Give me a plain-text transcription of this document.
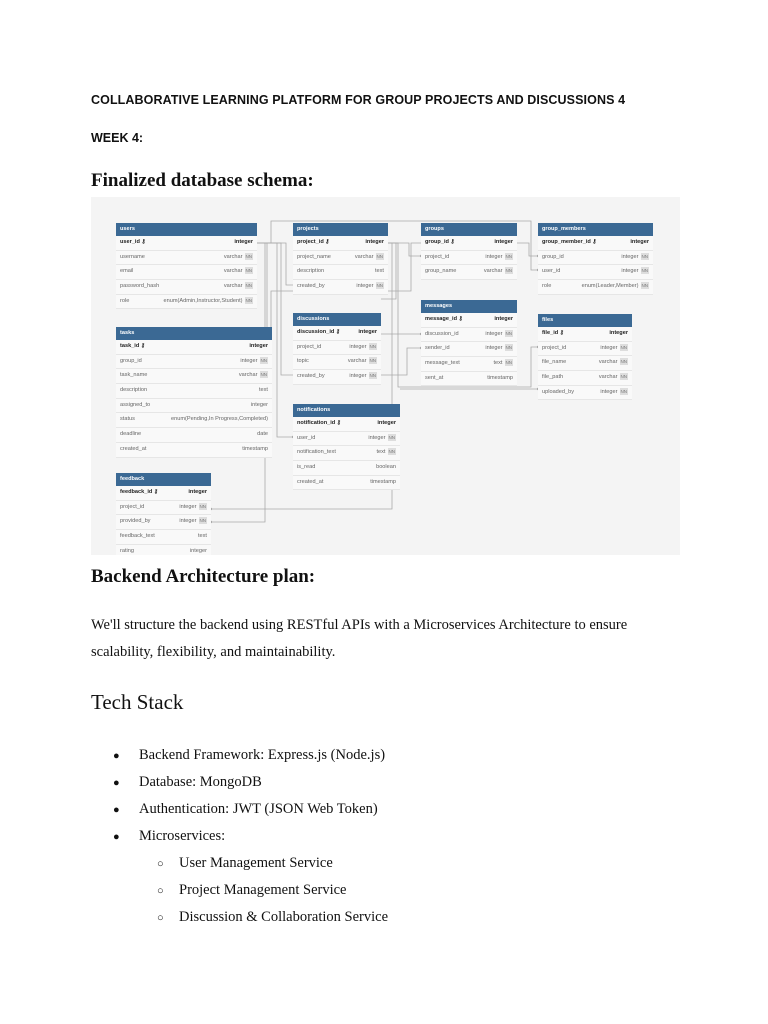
COLLABORATIVE LEARNING PLATFORM FOR GROUP PROJECTS AND DISCUSSIONS 4
WEEK 4:
Finalized database schema:
users
user_id ⚷	integer
username	varchar NN
email	varchar NN
password_hash	varchar NN
role	enum(Admin,Instructor,Student) NN
projects
project_id ⚷	integer
project_name	varchar NN
description	text
created_by	integer NN
groups
group_id ⚷	integer
project_id	integer NN
group_name	varchar NN
group_members
group_member_id ⚷	integer
group_id	integer NN
user_id	integer NN
role	enum(Leader,Member) NN
tasks
task_id ⚷	integer
group_id	integer NN
task_name	varchar NN
description	text
assigned_to	integer
status	enum(Pending,In Progress,Completed)
deadline	date
created_at	timestamp
discussions
discussion_id ⚷	integer
project_id	integer NN
topic	varchar NN
created_by	integer NN
messages
message_id ⚷	integer
discussion_id	integer NN
sender_id	integer NN
message_text	text NN
sent_at	timestamp
files
file_id ⚷	integer
project_id	integer NN
file_name	varchar NN
file_path	varchar NN
uploaded_by	integer NN
notifications
notification_id ⚷	integer
user_id	integer NN
notification_text	text NN
is_read	boolean
created_at	timestamp
feedback
feedback_id ⚷	integer
project_id	integer NN
provided_by	integer NN
feedback_text	text
rating	integer
Backend Architecture plan:
We'll structure the backend using RESTful APIs with a Microservices Architecture to ensure scalability, flexibility, and maintainability.
Tech Stack
● Backend Framework: Express.js (Node.js)
● Database: MongoDB
● Authentication: JWT (JSON Web Token)
● Microservices:
○ User Management Service
○ Project Management Service
○ Discussion & Collaboration Service
